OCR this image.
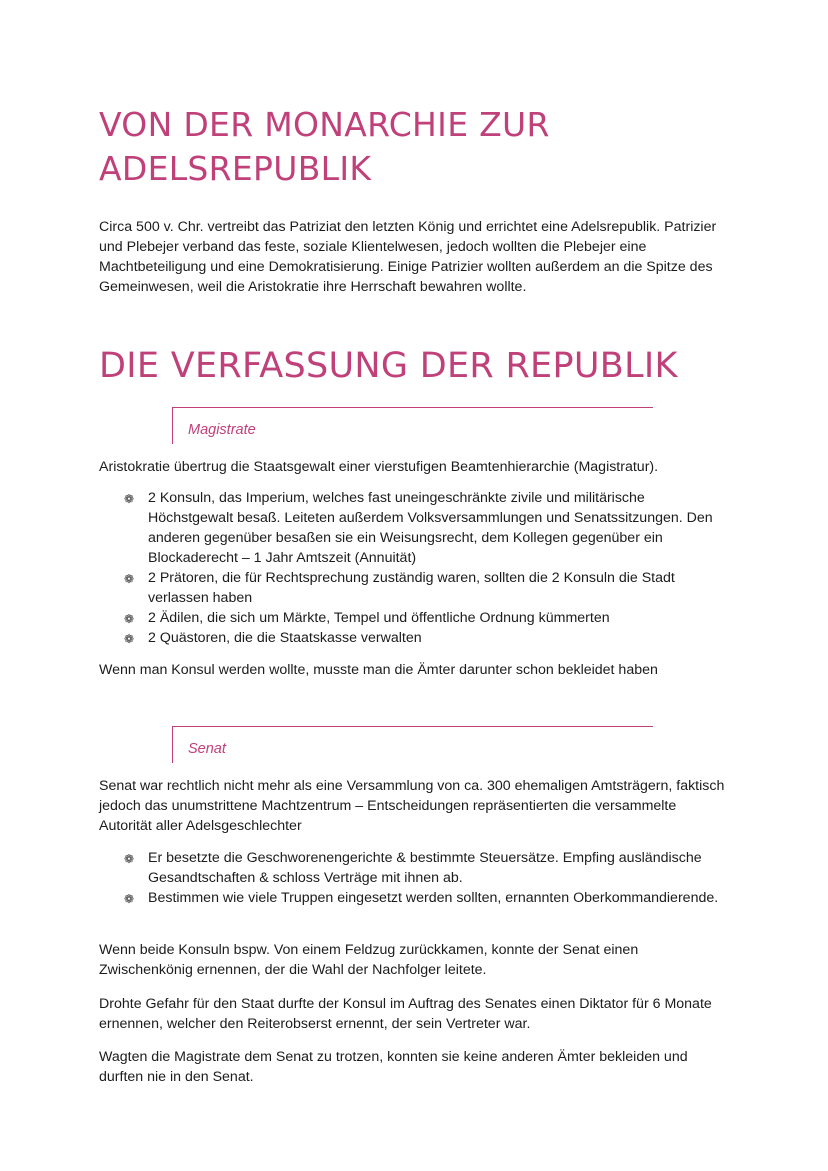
VON DER MONARCHIE ZUR ADELSREPUBLIK

Circa 500 v. Chr. vertreibt das Patriziat den letzten König und errichtet eine Adelsrepublik. Patrizier und Plebejer verband das feste, soziale Klientelwesen, jedoch wollten die Plebejer eine Machtbeteiligung und eine Demokratisierung. Einige Patrizier wollten außerdem an die Spitze des Gemeinwesen, weil die Aristokratie ihre Herrschaft bewahren wollte.

DIE VERFASSUNG DER REPUBLIK
Magistrate

Aristokratie übertrug die Staatsgewalt einer vierstufigen Beamtenhierarchie (Magistratur).

❁ 2 Konsuln, das Imperium, welches fast uneingeschränkte zivile und militärische Höchstgewalt besaß. Leiteten außerdem Volksversammlungen und Senatssitzungen. Den anderen gegenüber besaßen sie ein Weisungsrecht, dem Kollegen gegenüber ein Blockaderecht – 1 Jahr Amtszeit (Annuität)
❁ 2 Prätoren, die für Rechtsprechung zuständig waren, sollten die 2 Konsuln die Stadt verlassen haben
❁ 2 Ädilen, die sich um Märkte, Tempel und öffentliche Ordnung kümmerten
❁ 2 Quästoren, die die Staatskasse verwalten

Wenn man Konsul werden wollte, musste man die Ämter darunter schon bekleidet haben

Senat

Senat war rechtlich nicht mehr als eine Versammlung von ca. 300 ehemaligen Amtsträgern, faktisch jedoch das unumstrittene Machtzentrum – Entscheidungen repräsentierten die versammelte Autorität aller Adelsgeschlechter

❁ Er besetzte die Geschworenengerichte & bestimmte Steuersätze. Empfing ausländische Gesandtschaften & schloss Verträge mit ihnen ab.
❁ Bestimmen wie viele Truppen eingesetzt werden sollten, ernannten Oberkommandierende.

Wenn beide Konsuln bspw. Von einem Feldzug zurückkamen, konnte der Senat einen Zwischenkönig ernennen, der die Wahl der Nachfolger leitete.

Drohte Gefahr für den Staat durfte der Konsul im Auftrag des Senates einen Diktator für 6 Monate ernennen, welcher den Reiterobserst ernennt, der sein Vertreter war.

Wagten die Magistrate dem Senat zu trotzen, konnten sie keine anderen Ämter bekleiden und durften nie in den Senat.
